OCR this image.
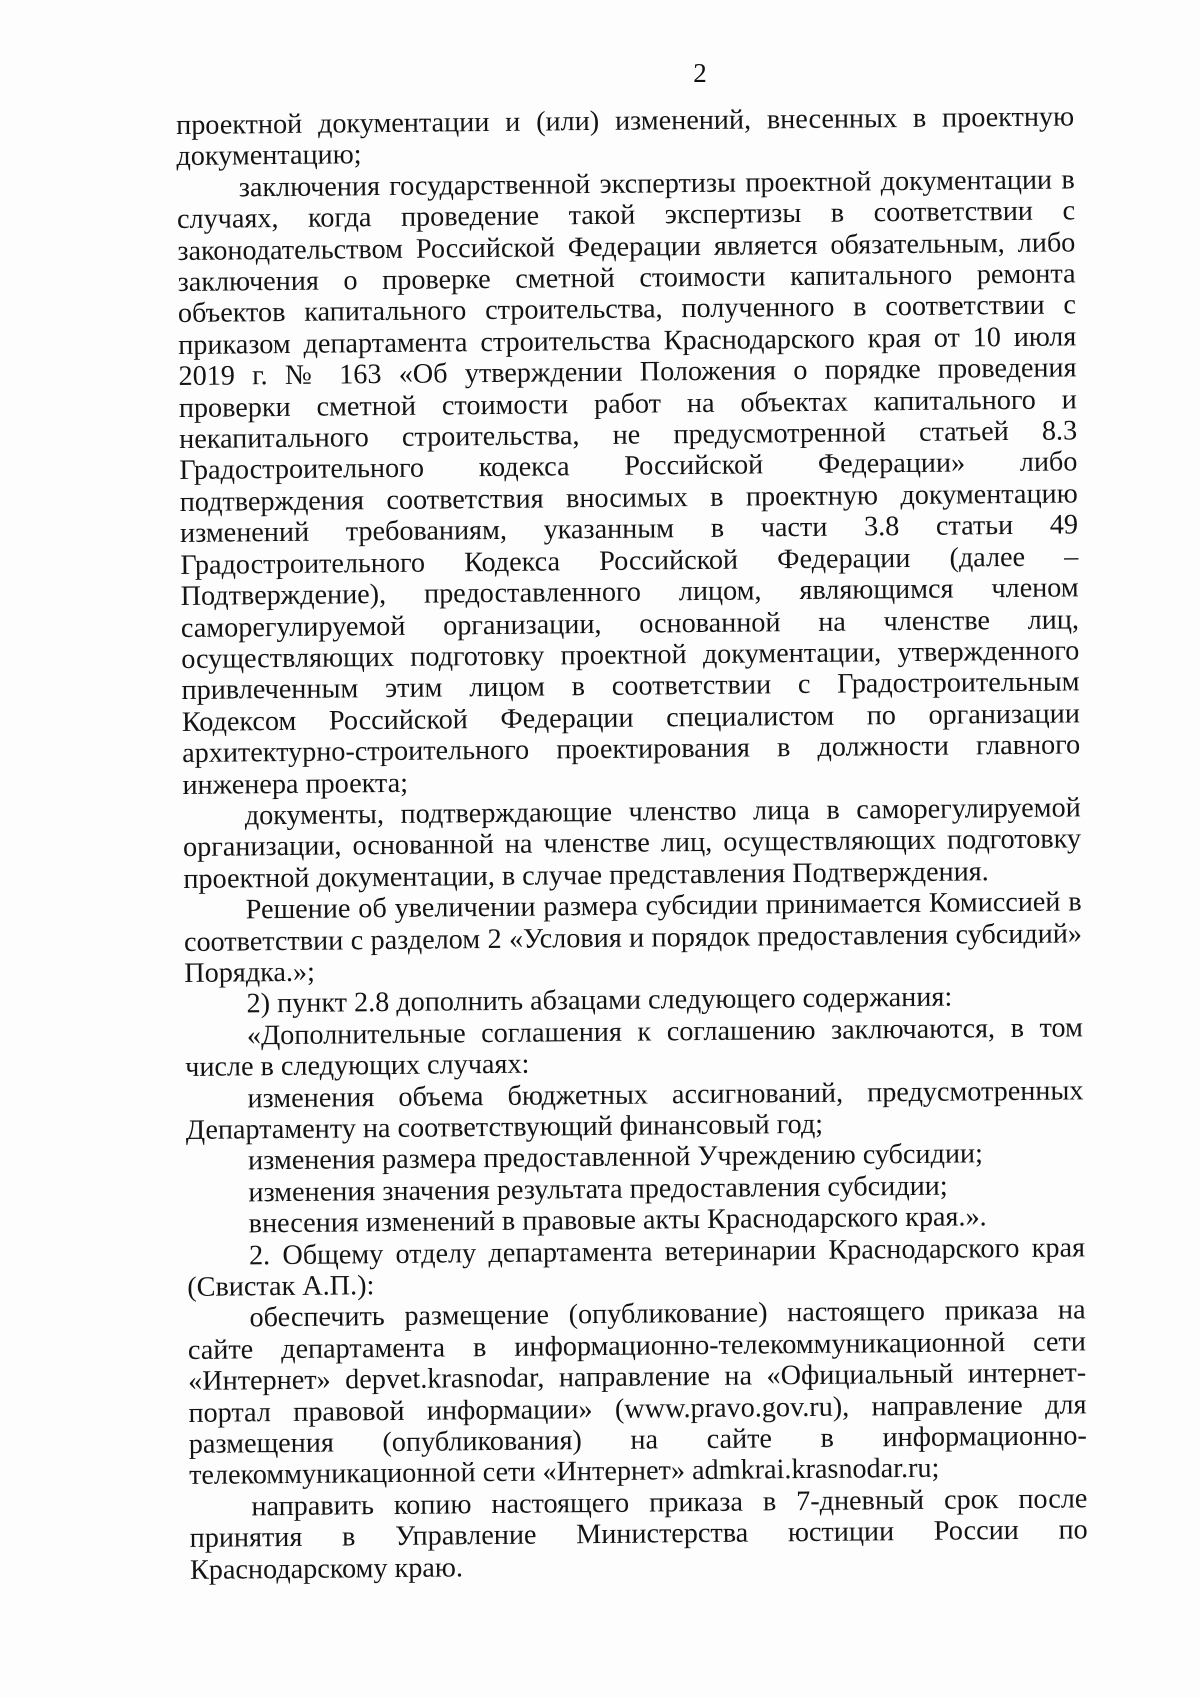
2

проектной документации и (или) изменений, внесенных в проектную документацию;

заключения государственной экспертизы проектной документации в случаях, когда проведение такой экспертизы в соответствии с законодательством Российской Федерации является обязательным, либо заключения о проверке сметной стоимости капитального ремонта объектов капитального строительства, полученного в соответствии с приказом департамента строительства Краснодарского края от 10 июля 2019 г. № 163 «Об утверждении Положения о порядке проведения проверки сметной стоимости работ на объектах капитального и некапитального строительства, не предусмотренной статьей 8.3 Градостроительного кодекса Российской Федерации» либо подтверждения соответствия вносимых в проектную документацию изменений требованиям, указанным в части 3.8 статьи 49 Градостроительного Кодекса Российской Федерации (далее – Подтверждение), предоставленного лицом, являющимся членом саморегулируемой организации, основанной на членстве лиц, осуществляющих подготовку проектной документации, утвержденного привлеченным этим лицом в соответствии с Градостроительным Кодексом Российской Федерации специалистом по организации архитектурно-строительного проектирования в должности главного инженера проекта;

документы, подтверждающие членство лица в саморегулируемой организации, основанной на членстве лиц, осуществляющих подготовку проектной документации, в случае представления Подтверждения.

Решение об увеличении размера субсидии принимается Комиссией в соответствии с разделом 2 «Условия и порядок предоставления субсидий» Порядка.»;

2) пункт 2.8 дополнить абзацами следующего содержания:

«Дополнительные соглашения к соглашению заключаются, в том числе в следующих случаях:

изменения объема бюджетных ассигнований, предусмотренных Департаменту на соответствующий финансовый год;

изменения размера предоставленной Учреждению субсидии;

изменения значения результата предоставления субсидии;

внесения изменений в правовые акты Краснодарского края.».

2. Общему отделу департамента ветеринарии Краснодарского края (Свистак А.П.):

обеспечить размещение (опубликование) настоящего приказа на сайте департамента в информационно-телекоммуникационной сети «Интернет» depvet.krasnodar, направление на «Официальный интернет-портал правовой информации» (www.pravo.gov.ru), направление для размещения (опубликования) на сайте в информационно-телекоммуникационной сети «Интернет» admkrai.krasnodar.ru;

направить копию настоящего приказа в 7-дневный срок после принятия в Управление Министерства юстиции России по Краснодарскому краю.
